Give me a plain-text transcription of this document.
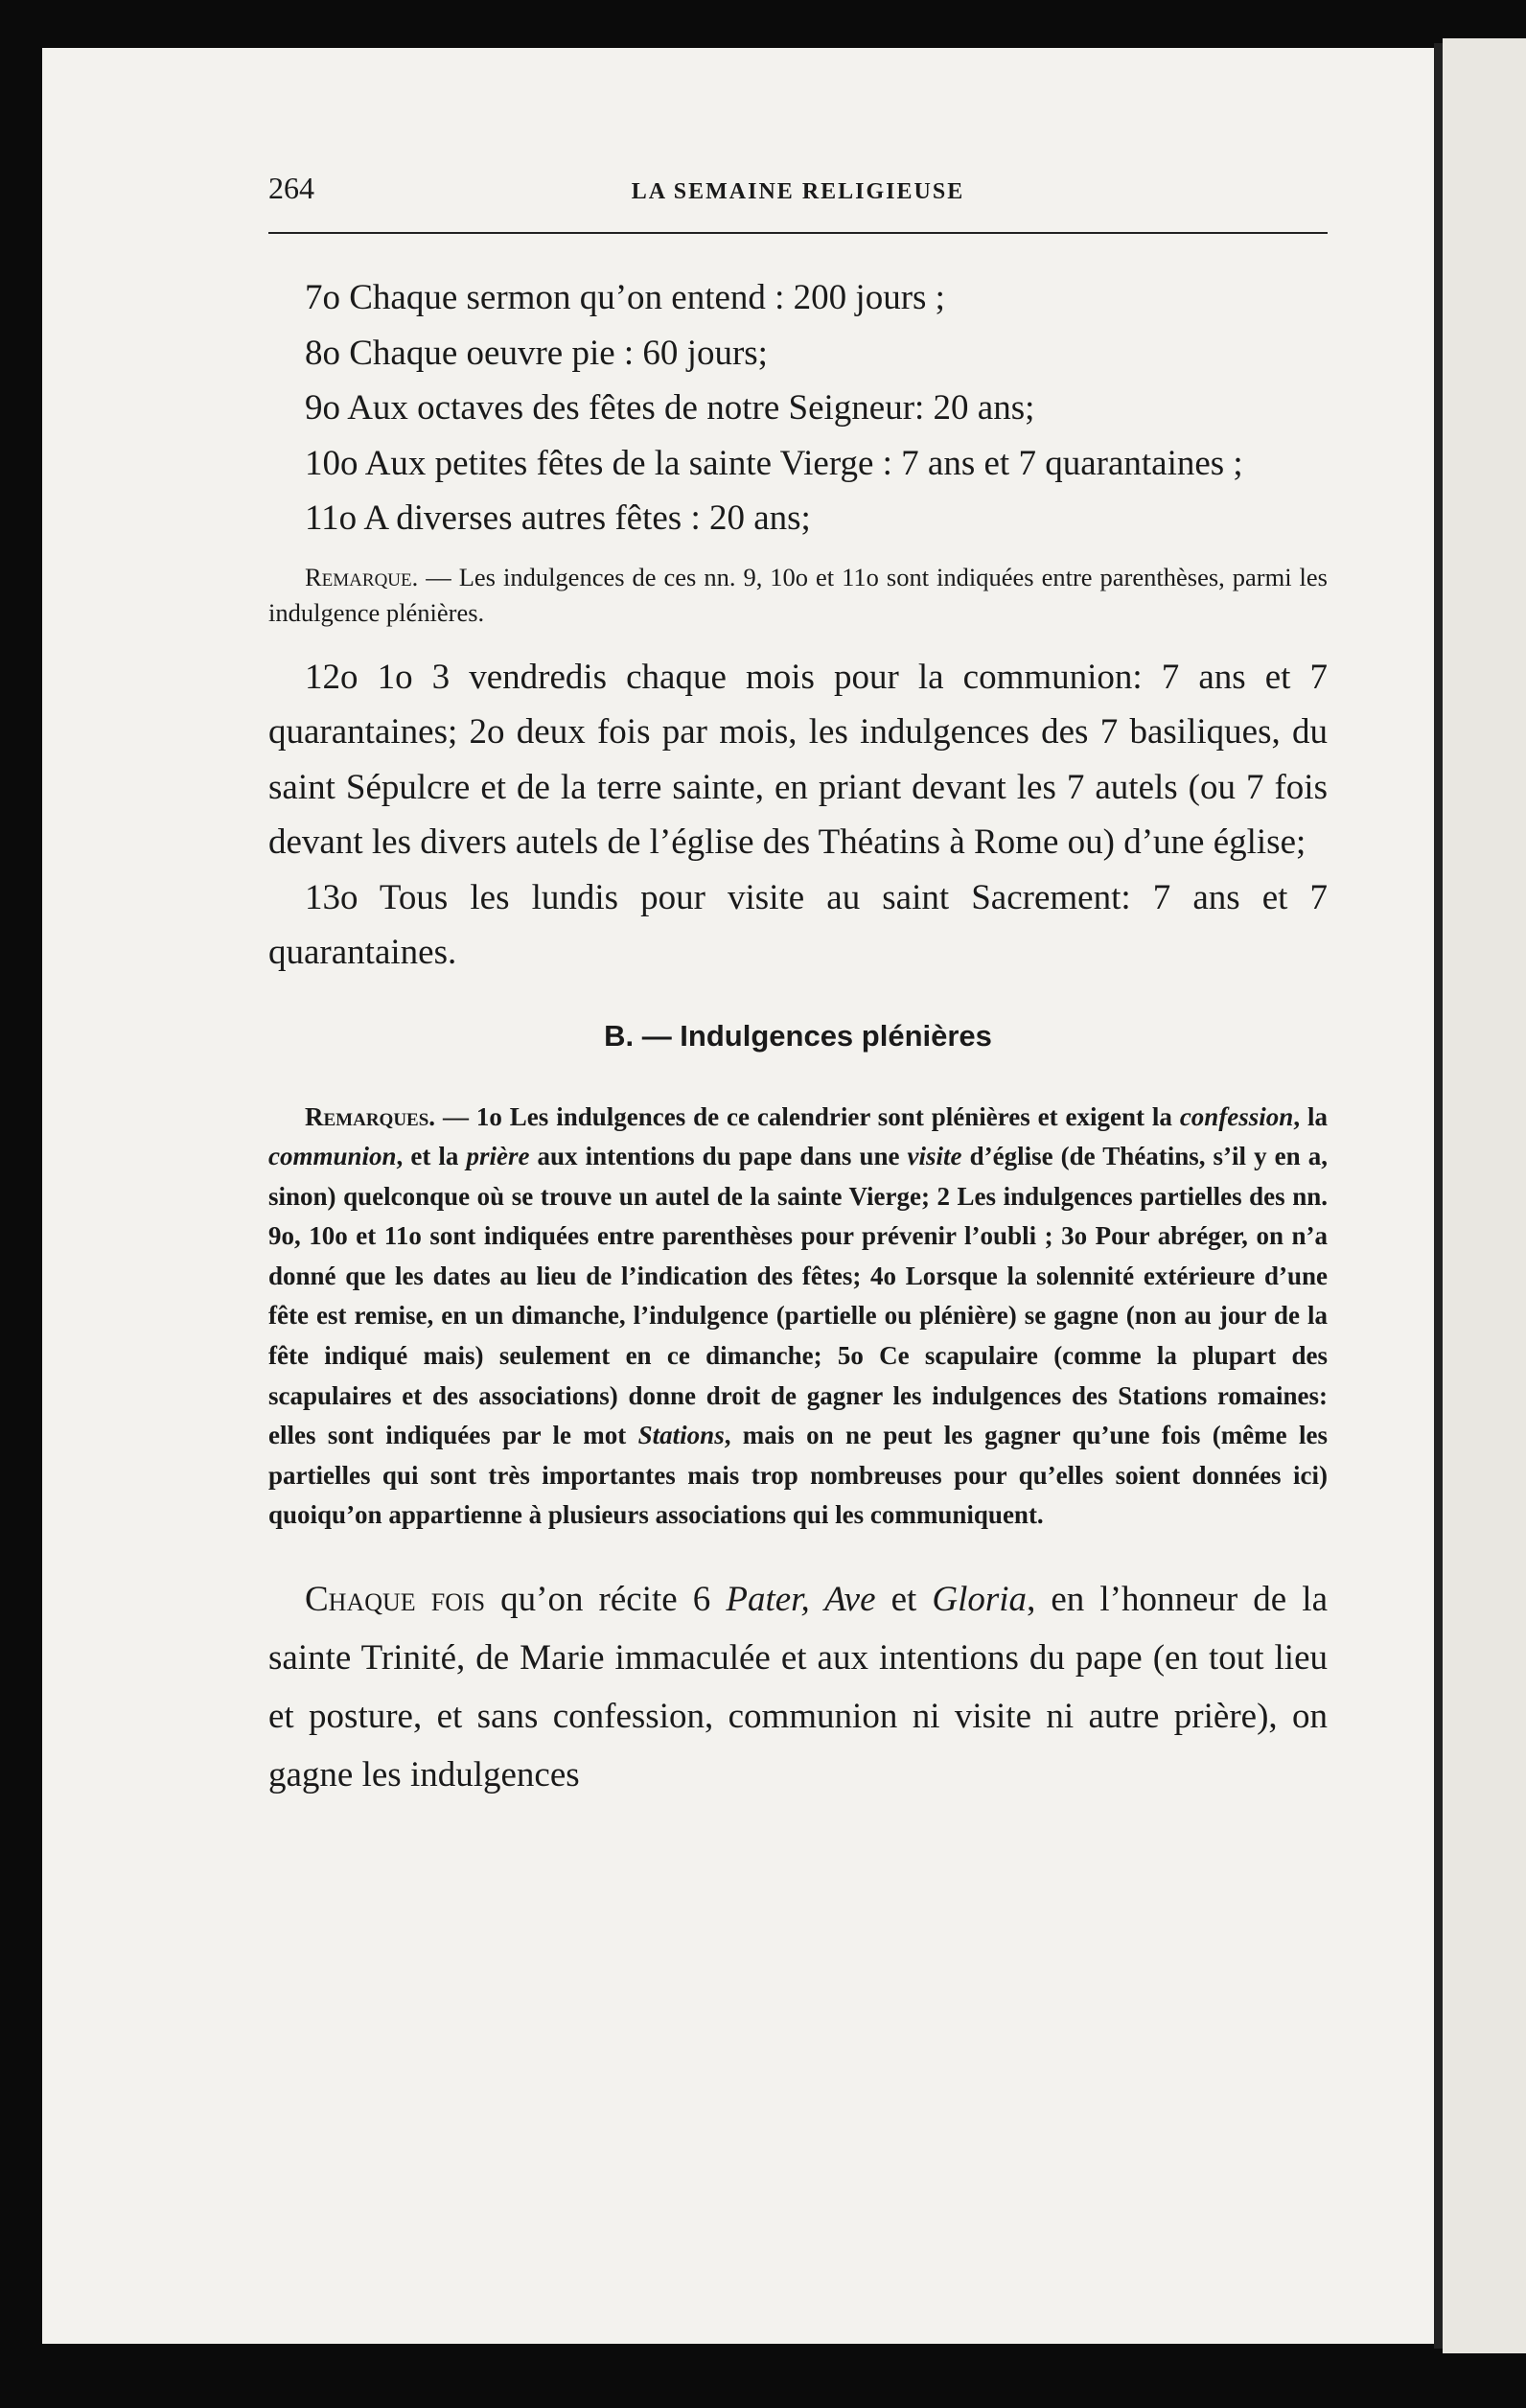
264	LA SEMAINE RELIGIEUSE

7o Chaque sermon qu’on entend : 200 jours ;

8o Chaque oeuvre pie : 60 jours;

9o Aux octaves des fêtes de notre Seigneur: 20 ans;

10o Aux petites fêtes de la sainte Vierge : 7 ans et 7 quarantaines ;

11o A diverses autres fêtes : 20 ans;

Remarque. — Les indulgences de ces nn. 9, 10o et 11o sont indiquées entre parenthèses, parmi les indulgence plénières.

12o 1o 3 vendredis chaque mois pour la communion: 7 ans et 7 quarantaines; 2o deux fois par mois, les indulgences des 7 basiliques, du saint Sépulcre et de la terre sainte, en priant devant les 7 autels (ou 7 fois devant les divers autels de l’église des Théatins à Rome ou) d’une église;

13o Tous les lundis pour visite au saint Sacrement: 7 ans et 7 quarantaines.

B. — Indulgences plénières

Remarques. — 1o Les indulgences de ce calendrier sont plénières et exigent la confession, la communion, et la prière aux intentions du pape dans une visite d’église (de Théatins, s’il y en a, sinon) quelconque où se trouve un autel de la sainte Vierge; 2 Les indulgences partielles des nn. 9o, 10o et 11o sont indiquées entre parenthèses pour prévenir l’oubli ; 3o Pour abréger, on n’a donné que les dates au lieu de l’indication des fêtes; 4o Lorsque la solennité extérieure d’une fête est remise, en un dimanche, l’indulgence (partielle ou plénière) se gagne (non au jour de la fête indiqué mais) seulement en ce dimanche; 5o Ce scapulaire (comme la plupart des scapulaires et des associations) donne droit de gagner les indulgences des Stations romaines: elles sont indiquées par le mot Stations, mais on ne peut les gagner qu’une fois (même les partielles qui sont très importantes mais trop nombreuses pour qu’elles soient données ici) quoiqu’on appartienne à plusieurs associations qui les communiquent.

Chaque fois qu’on récite 6 Pater, Ave et Gloria, en l’honneur de la sainte Trinité, de Marie immaculée et aux intentions du pape (en tout lieu et posture, et sans confession, communion ni visite ni autre prière), on gagne les indulgences
